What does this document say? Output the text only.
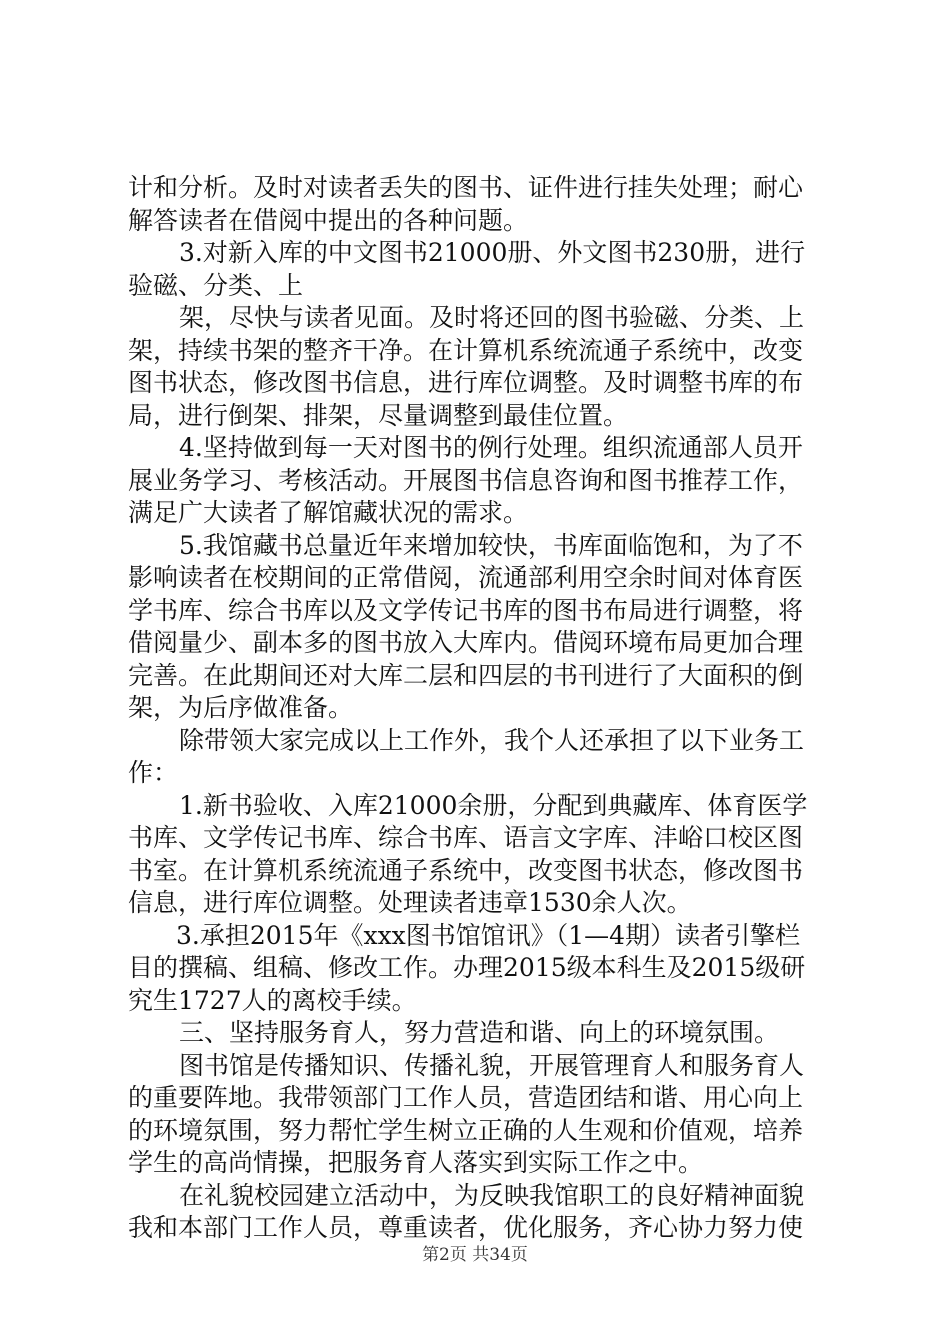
计和分析。及时对读者丢失的图书、证件进行挂失处理；耐心
解答读者在借阅中提出的各种问题。
3.对新入库的中文图书21000册、外文图书230册，进行
验磁、分类、上
架，尽快与读者见面。及时将还回的图书验磁、分类、上
架，持续书架的整齐干净。在计算机系统流通子系统中，改变
图书状态，修改图书信息，进行库位调整。及时调整书库的布
局，进行倒架、排架，尽量调整到最佳位置。
4.坚持做到每一天对图书的例行处理。组织流通部人员开
展业务学习、考核活动。开展图书信息咨询和图书推荐工作，
满足广大读者了解馆藏状况的需求。
5.我馆藏书总量近年来增加较快，书库面临饱和，为了不
影响读者在校期间的正常借阅，流通部利用空余时间对体育医
学书库、综合书库以及文学传记书库的图书布局进行调整，将
借阅量少、副本多的图书放入大库内。借阅环境布局更加合理
完善。在此期间还对大库二层和四层的书刊进行了大面积的倒
架，为后序做准备。
除带领大家完成以上工作外，我个人还承担了以下业务工
作：
1.新书验收、入库21000余册，分配到典藏库、体育医学
书库、文学传记书库、综合书库、语言文字库、沣峪口校区图
书室。在计算机系统流通子系统中，改变图书状态，修改图书
信息，进行库位调整。处理读者违章1530余人次。
3.承担2015年《xxx图书馆馆讯》（1—4期）读者引擎栏
目的撰稿、组稿、修改工作。办理2015级本科生及2015级研
究生1727人的离校手续。
三、坚持服务育人，努力营造和谐、向上的环境氛围。
图书馆是传播知识、传播礼貌，开展管理育人和服务育人
的重要阵地。我带领部门工作人员，营造团结和谐、用心向上
的环境氛围，努力帮忙学生树立正确的人生观和价值观，培养
学生的高尚情操，把服务育人落实到实际工作之中。
在礼貌校园建立活动中，为反映我馆职工的良好精神面貌
我和本部门工作人员，尊重读者，优化服务，齐心协力努力使
第2页 共34页
